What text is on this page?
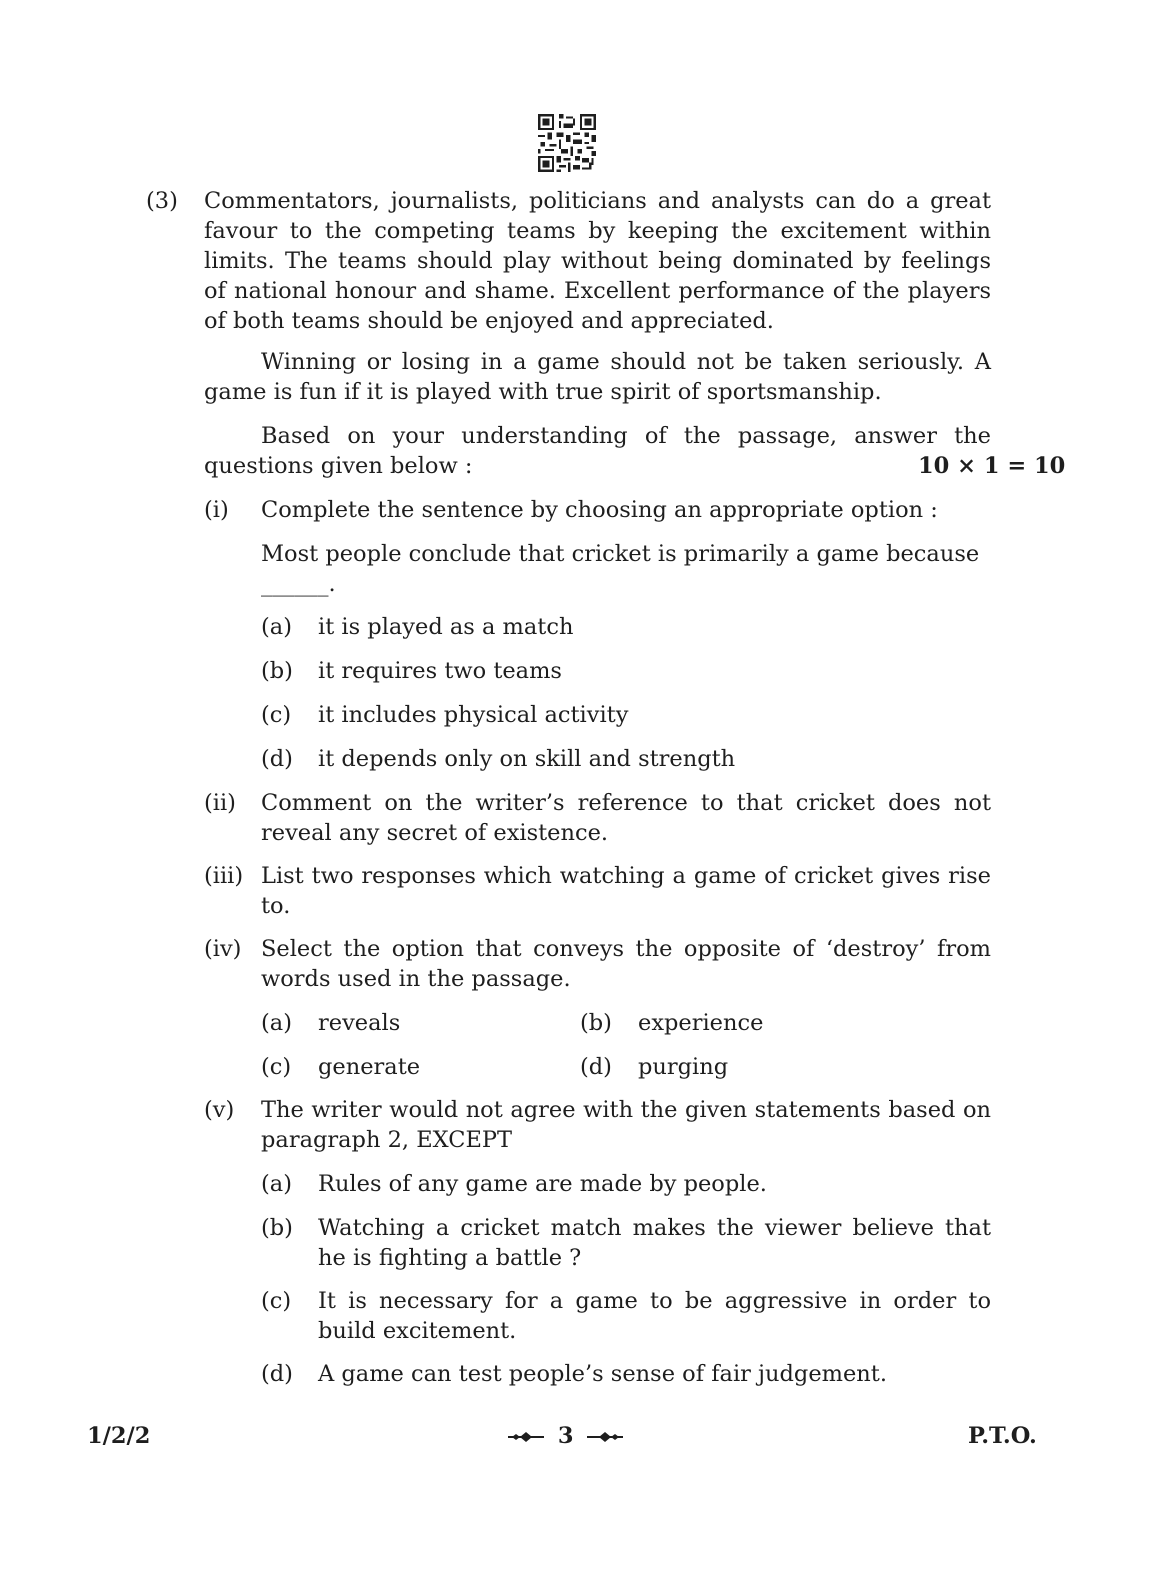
(3) Commentators, journalists, politicians and analysts can do a great favour to the competing teams by keeping the excitement within limits. The teams should play without being dominated by feelings of national honour and shame. Excellent performance of the players of both teams should be enjoyed and appreciated.
Winning or losing in a game should not be taken seriously. A game is fun if it is played with true spirit of sportsmanship.
Based on your understanding of the passage, answer the questions given below :	10 × 1 = 10
(i) Complete the sentence by choosing an appropriate option :
Most people conclude that cricket is primarily a game because
______.
(a) it is played as a match
(b) it requires two teams
(c) it includes physical activity
(d) it depends only on skill and strength
(ii) Comment on the writer’s reference to that cricket does not reveal any secret of existence.
(iii) List two responses which watching a game of cricket gives rise to.
(iv) Select the option that conveys the opposite of ‘destroy’ from words used in the passage.
(a) reveals	(b) experience
(c) generate	(d) purging
(v) The writer would not agree with the given statements based on paragraph 2, EXCEPT
(a) Rules of any game are made by people.
(b) Watching a cricket match makes the viewer believe that he is fighting a battle ?
(c) It is necessary for a game to be aggressive in order to build excitement.
(d) A game can test people’s sense of fair judgement.
1/2/2	3	P.T.O.
